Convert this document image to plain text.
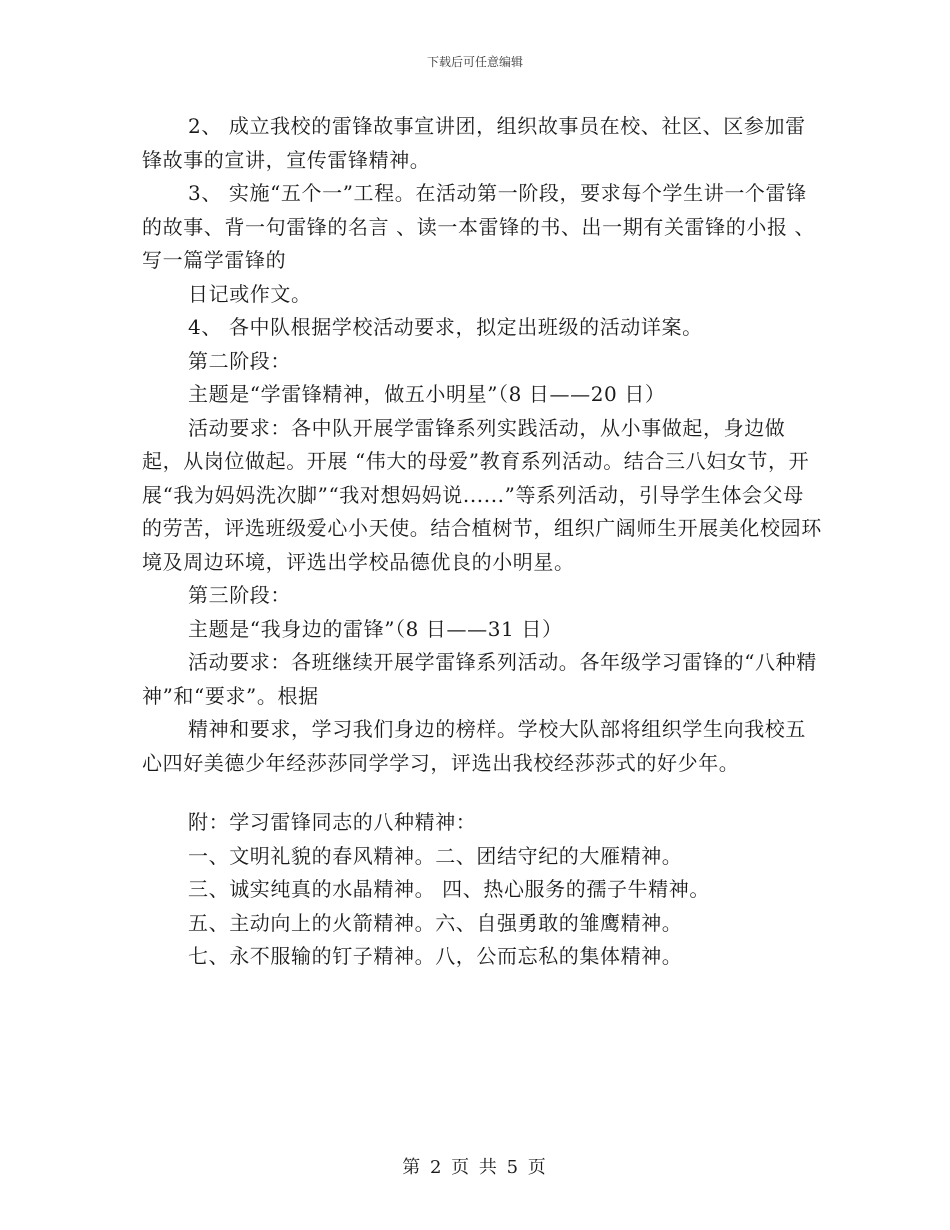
下载后可任意编辑

2、 成立我校的雷锋故事宣讲团，组织故事员在校、社区、区参加雷锋故事的宣讲，宣传雷锋精神。

3、 实施“五个一”工程。在活动第一阶段，要求每个学生讲一个雷锋的故事、背一句雷锋的名言 、读一本雷锋的书、出一期有关雷锋的小报 、写一篇学雷锋的

日记或作文。

4、 各中队根据学校活动要求，拟定出班级的活动详案。

第二阶段：

主题是“学雷锋精神，做五小明星”（8 日——20 日）

活动要求：各中队开展学雷锋系列实践活动，从小事做起，身边做起，从岗位做起。开展 “伟大的母爱”教育系列活动。结合三八妇女节，开展“我为妈妈洗次脚”“我对想妈妈说......”等系列活动，引导学生体会父母的劳苦，评选班级爱心小天使。结合植树节，组织广阔师生开展美化校园环境及周边环境，评选出学校品德优良的小明星。

第三阶段：

主题是“我身边的雷锋”（8 日——31 日）

活动要求：各班继续开展学雷锋系列活动。各年级学习雷锋的“八种精神”和“要求”。根据

精神和要求，学习我们身边的榜样。学校大队部将组织学生向我校五心四好美德少年经莎莎同学学习，评选出我校经莎莎式的好少年。

附：学习雷锋同志的八种精神：

一、文明礼貌的春风精神。二、团结守纪的大雁精神。

三、诚实纯真的水晶精神。 四、热心服务的孺子牛精神。

五、主动向上的火箭精神。六、自强勇敢的雏鹰精神。

七、永不服输的钉子精神。八，公而忘私的集体精神。

第 2 页 共 5 页
